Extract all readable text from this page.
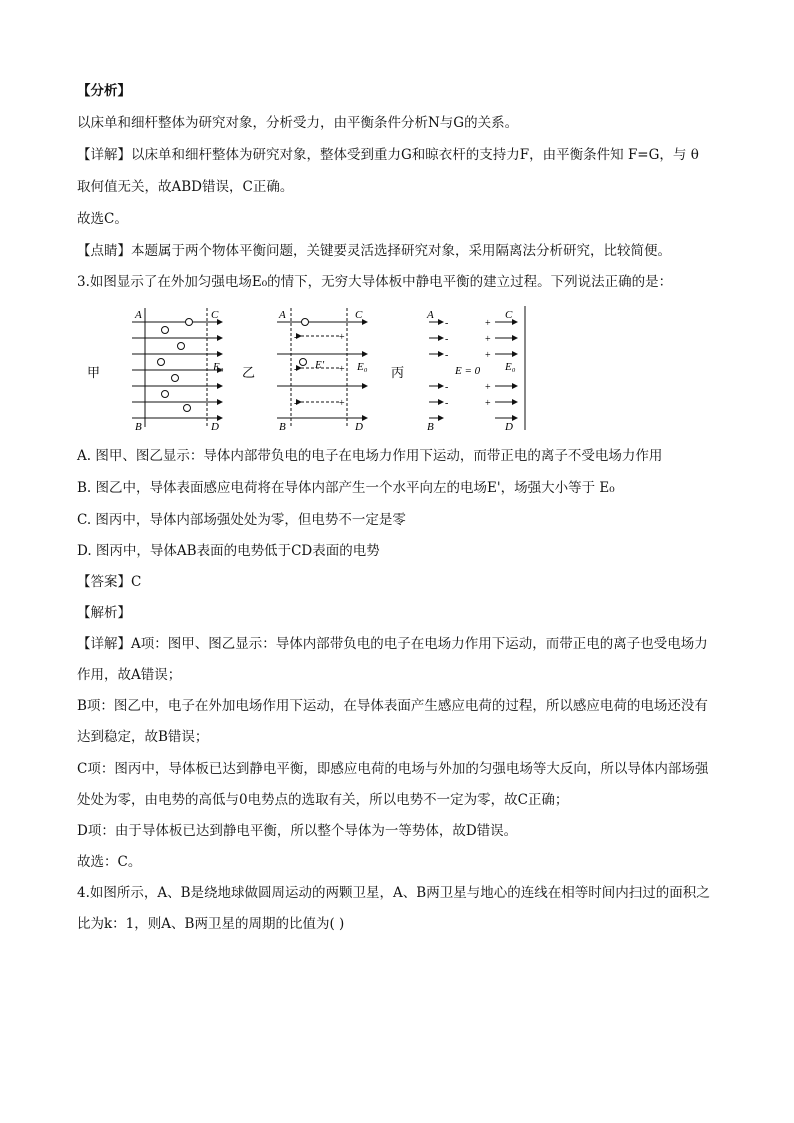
【分析】
以床单和细杆整体为研究对象，分析受力，由平衡条件分析N与G的关系。
【详解】以床单和细杆整体为研究对象，整体受到重力G和晾衣杆的支持力F，由平衡条件知 F=G，与 θ
取何值无关，故ABD错误，C正确。
故选C。
【点睛】本题属于两个物体平衡问题，关键要灵活选择研究对象，采用隔离法分析研究，比较简便。
3.如图显示了在外加匀强电场E₀的情下，无穷大导体板中静电平衡的建立过程。下列说法正确的是：
甲
A	C
B	D
E₀ 乙
A	C
B	D
E₀
E'
-
-
-
+
+
+
丙
A	C
B	D
E₀
E = 0
-
-
-
-
-
+
+
+
+
+
A. 图甲、图乙显示：导体内部带负电的电子在电场力作用下运动，而带正电的离子不受电场力作用
B. 图乙中，导体表面感应电荷将在导体内部产生一个水平向左的电场E'，场强大小等于 E₀
C. 图丙中，导体内部场强处处为零，但电势不一定是零
D. 图丙中，导体AB表面的电势低于CD表面的电势
【答案】C
【解析】
【详解】A项：图甲、图乙显示：导体内部带负电的电子在电场力作用下运动，而带正电的离子也受电场力
作用，故A错误；
B项：图乙中，电子在外加电场作用下运动，在导体表面产生感应电荷的过程，所以感应电荷的电场还没有
达到稳定，故B错误；
C项：图丙中，导体板已达到静电平衡，即感应电荷的电场与外加的匀强电场等大反向，所以导体内部场强
处处为零，由电势的高低与0电势点的选取有关，所以电势不一定为零，故C正确；
D项：由于导体板已达到静电平衡，所以整个导体为一等势体，故D错误。
故选：C。
4.如图所示，A、B是绕地球做圆周运动的两颗卫星，A、B两卫星与地心的连线在相等时间内扫过的面积之
比为k：1，则A、B两卫星的周期的比值为( )
